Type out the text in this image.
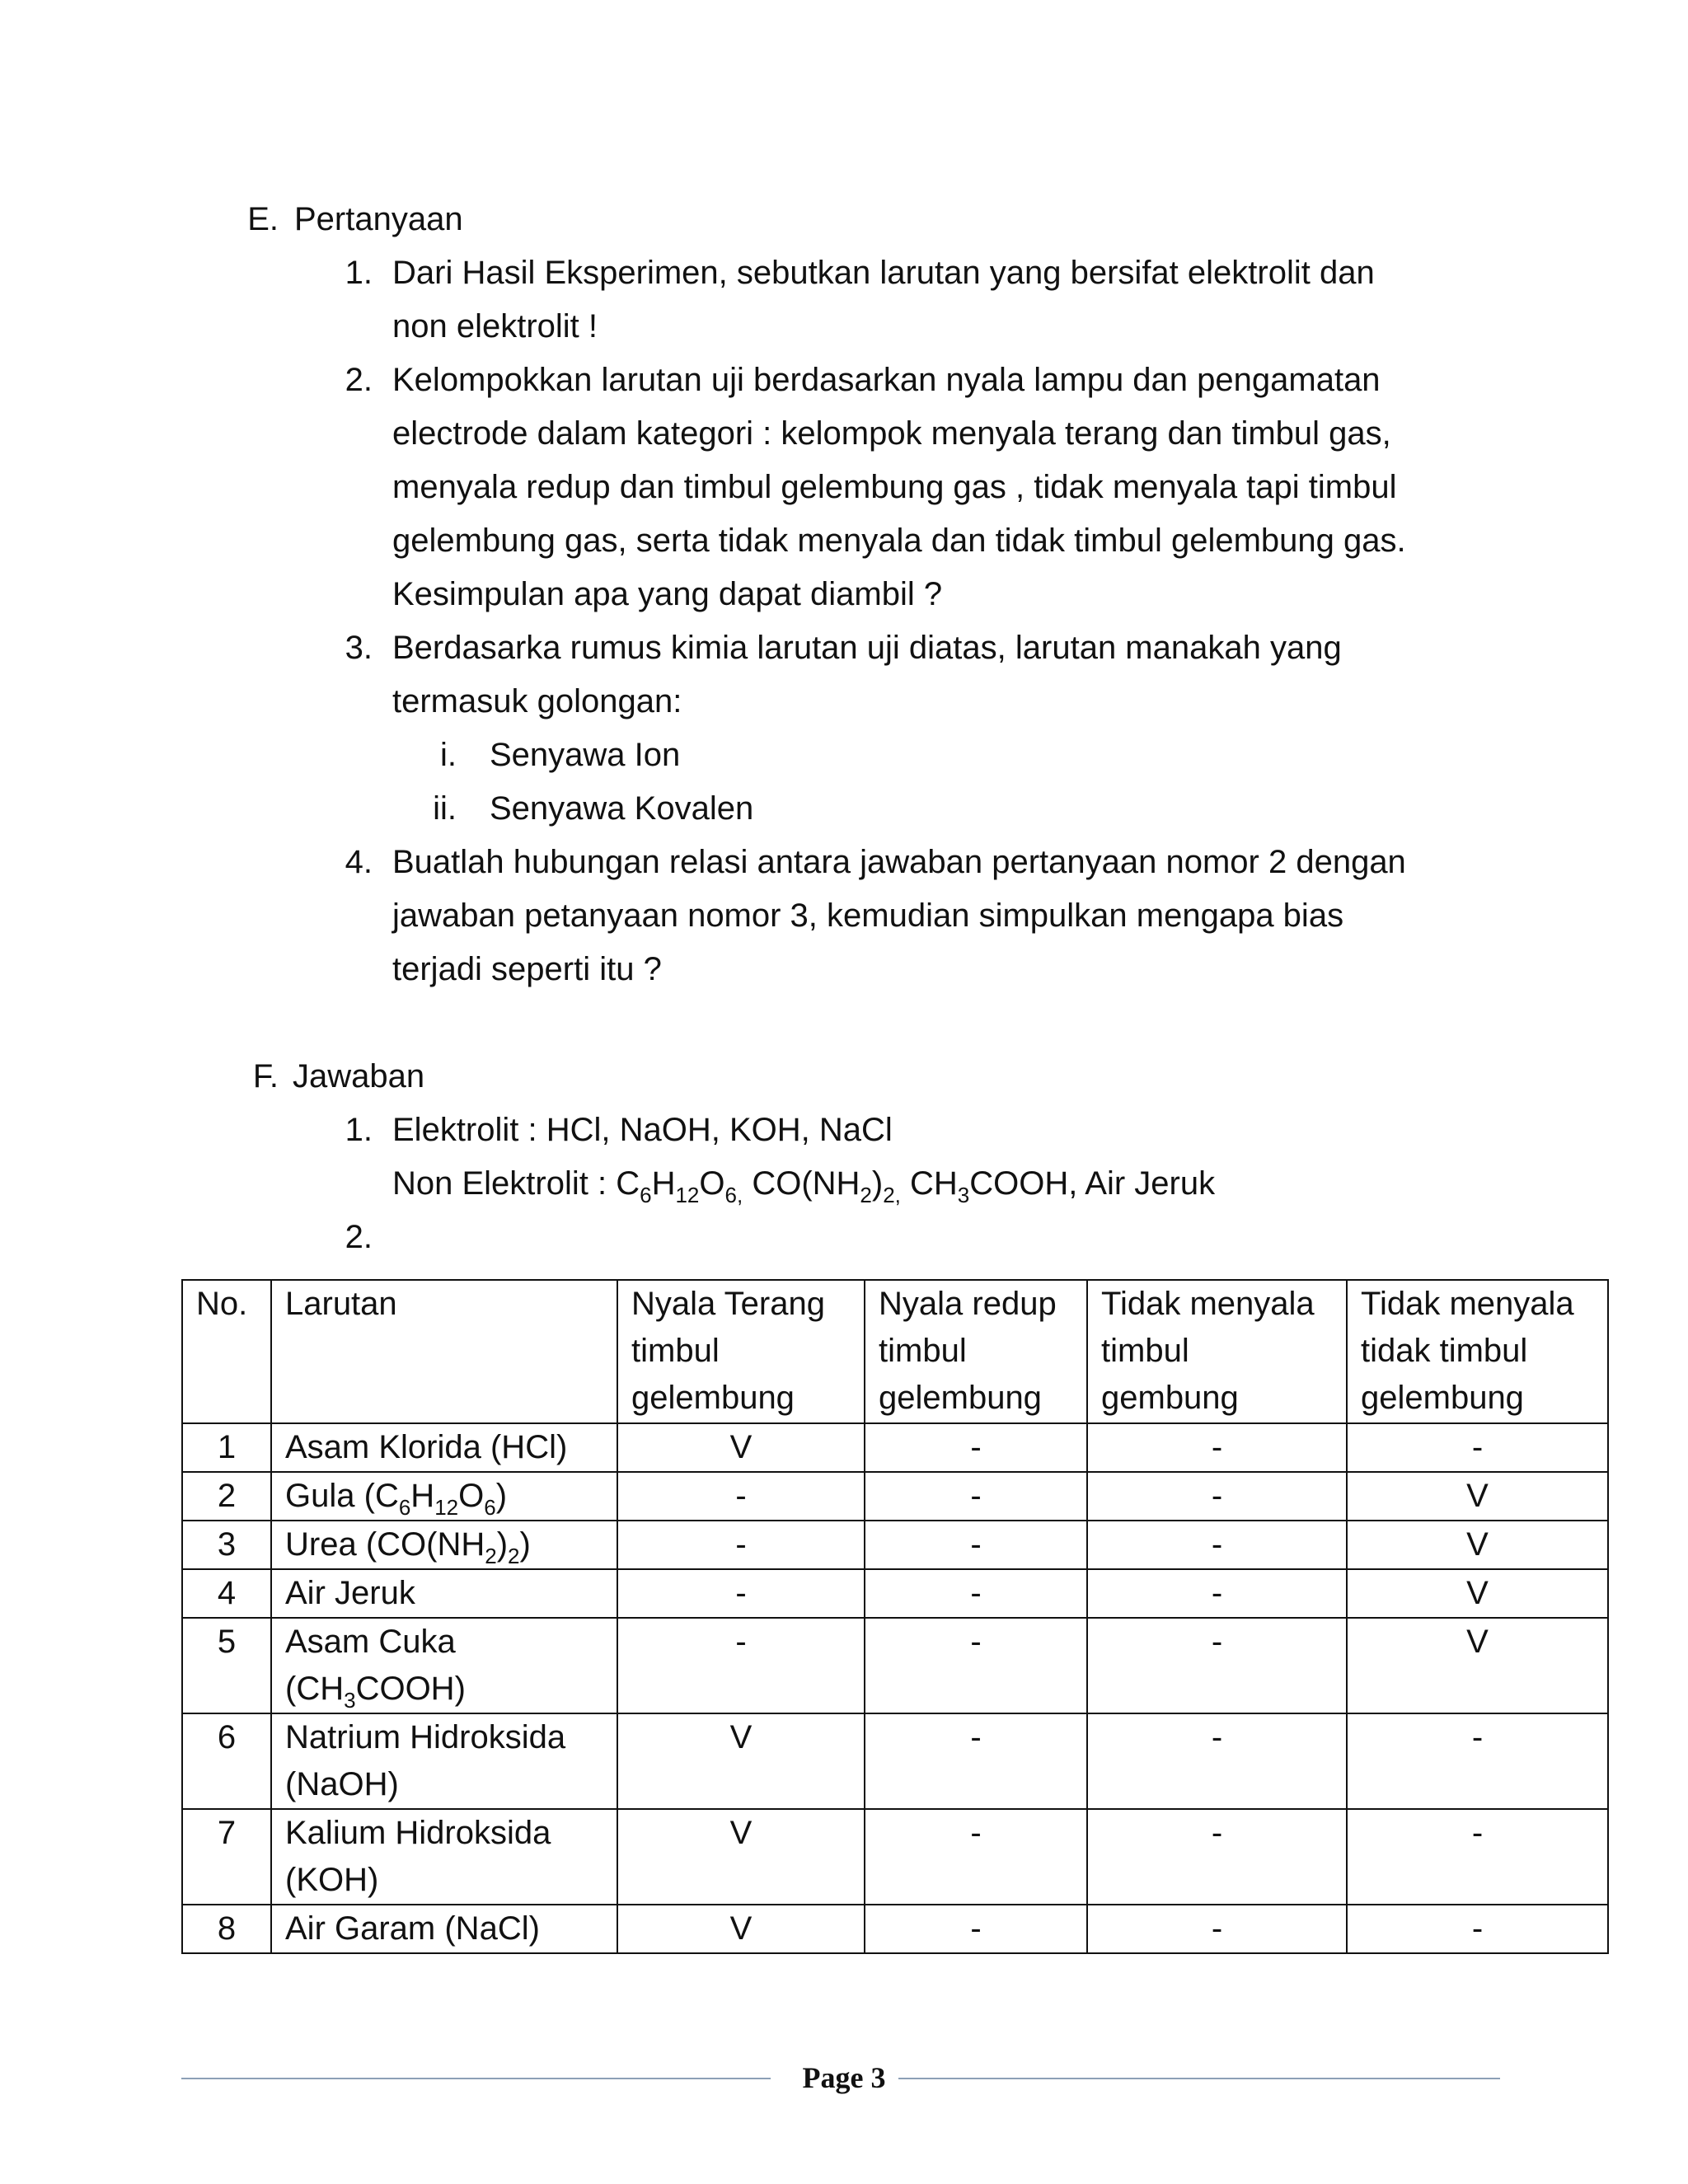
E. Pertanyaan
1. Dari Hasil Eksperimen, sebutkan larutan yang bersifat elektrolit dan
non elektrolit !
2. Kelompokkan larutan uji berdasarkan nyala lampu dan pengamatan
electrode dalam kategori : kelompok menyala terang dan timbul gas,
menyala redup dan timbul gelembung gas , tidak menyala tapi timbul
gelembung gas, serta tidak menyala dan tidak timbul gelembung gas.
Kesimpulan apa yang dapat diambil ?
3. Berdasarka rumus kimia larutan uji diatas, larutan manakah yang
termasuk golongan:
i. Senyawa Ion
ii. Senyawa Kovalen
4. Buatlah hubungan relasi antara jawaban pertanyaan nomor 2 dengan
jawaban petanyaan nomor 3, kemudian simpulkan mengapa bias
terjadi seperti itu ?
F. Jawaban
1. Elektrolit : HCl, NaOH, KOH, NaCl
Non Elektrolit : $C_6H_{12}O_{6,}$ $CO(NH_2)_{2,}$ $CH_3COOH$, Air Jeruk
2.
No.	Larutan	Nyala Terang timbul gelembung	Nyala redup timbul gelembung	Tidak menyala timbul gembung	Tidak menyala tidak timbul gelembung
1	Asam Klorida (HCl)	V	-	-	-
2	Gula $(C_6H_{12}O_6)$	-	-	-	V
3	Urea $(CO(NH_2)_2)$	-	-	-	V
4	Air Jeruk	-	-	-	V
5	Asam Cuka
$(CH_3COOH)$	-	-	-	V
6	Natrium Hidroksida
(NaOH)	V	-	-	-
7	Kalium Hidroksida
(KOH)	V	-	-	-
8	Air Garam (NaCl)	V	-	-	-
Page 3
